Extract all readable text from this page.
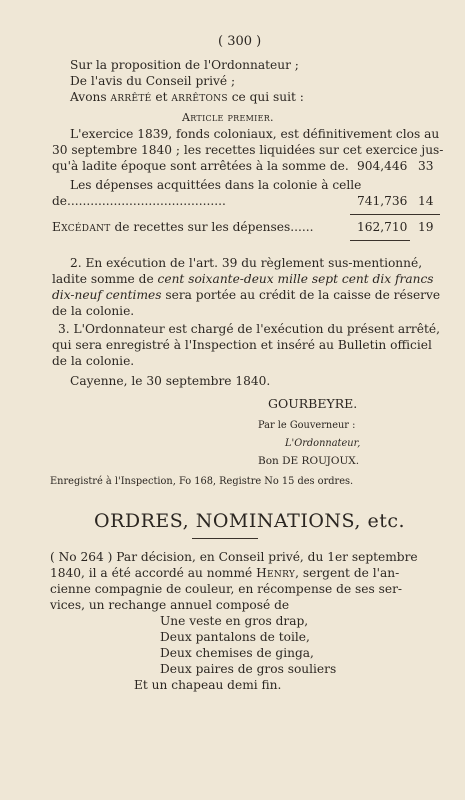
( 300 )
Sur la proposition de l'Ordonnateur ;
De l'avis du Conseil privé ;
Avons arrêté et arrêtons ce qui suit :
Article premier.
L'exercice 1839, fonds coloniaux, est définitivement clos au
30 septembre 1840 ; les recettes liquidées sur cet exercice jus-
qu'à ladite époque sont arrêtées à la somme de. 904,446 33
Les dépenses acquittées dans la colonie à celle
de.........................................	741,736 14
Excédant de recettes sur les dépenses......	162,710 19
2. En exécution de l'art. 39 du règlement sus-mentionné,
ladite somme de cent soixante-deux mille sept cent dix francs
dix-neuf centimes sera portée au crédit de la caisse de réserve
de la colonie.
3. L'Ordonnateur est chargé de l'exécution du présent arrêté,
qui sera enregistré à l'Inspection et inséré au Bulletin officiel
de la colonie.
Cayenne, le 30 septembre 1840.
GOURBEYRE.
Par le Gouverneur :
L'Ordonnateur,
Bon DE ROUJOUX.
Enregistré à l'Inspection, Fo 168, Registre No 15 des ordres.
ORDRES, NOMINATIONS, etc.
( No 264 ) Par décision, en Conseil privé, du 1er septembre
1840, il a été accordé au nommé Henry, sergent de l'an-
cienne compagnie de couleur, en récompense de ses ser-
vices, un rechange annuel composé de
Une veste en gros drap,
Deux pantalons de toile,
Deux chemises de ginga,
Deux paires de gros souliers
Et un chapeau demi fin.
